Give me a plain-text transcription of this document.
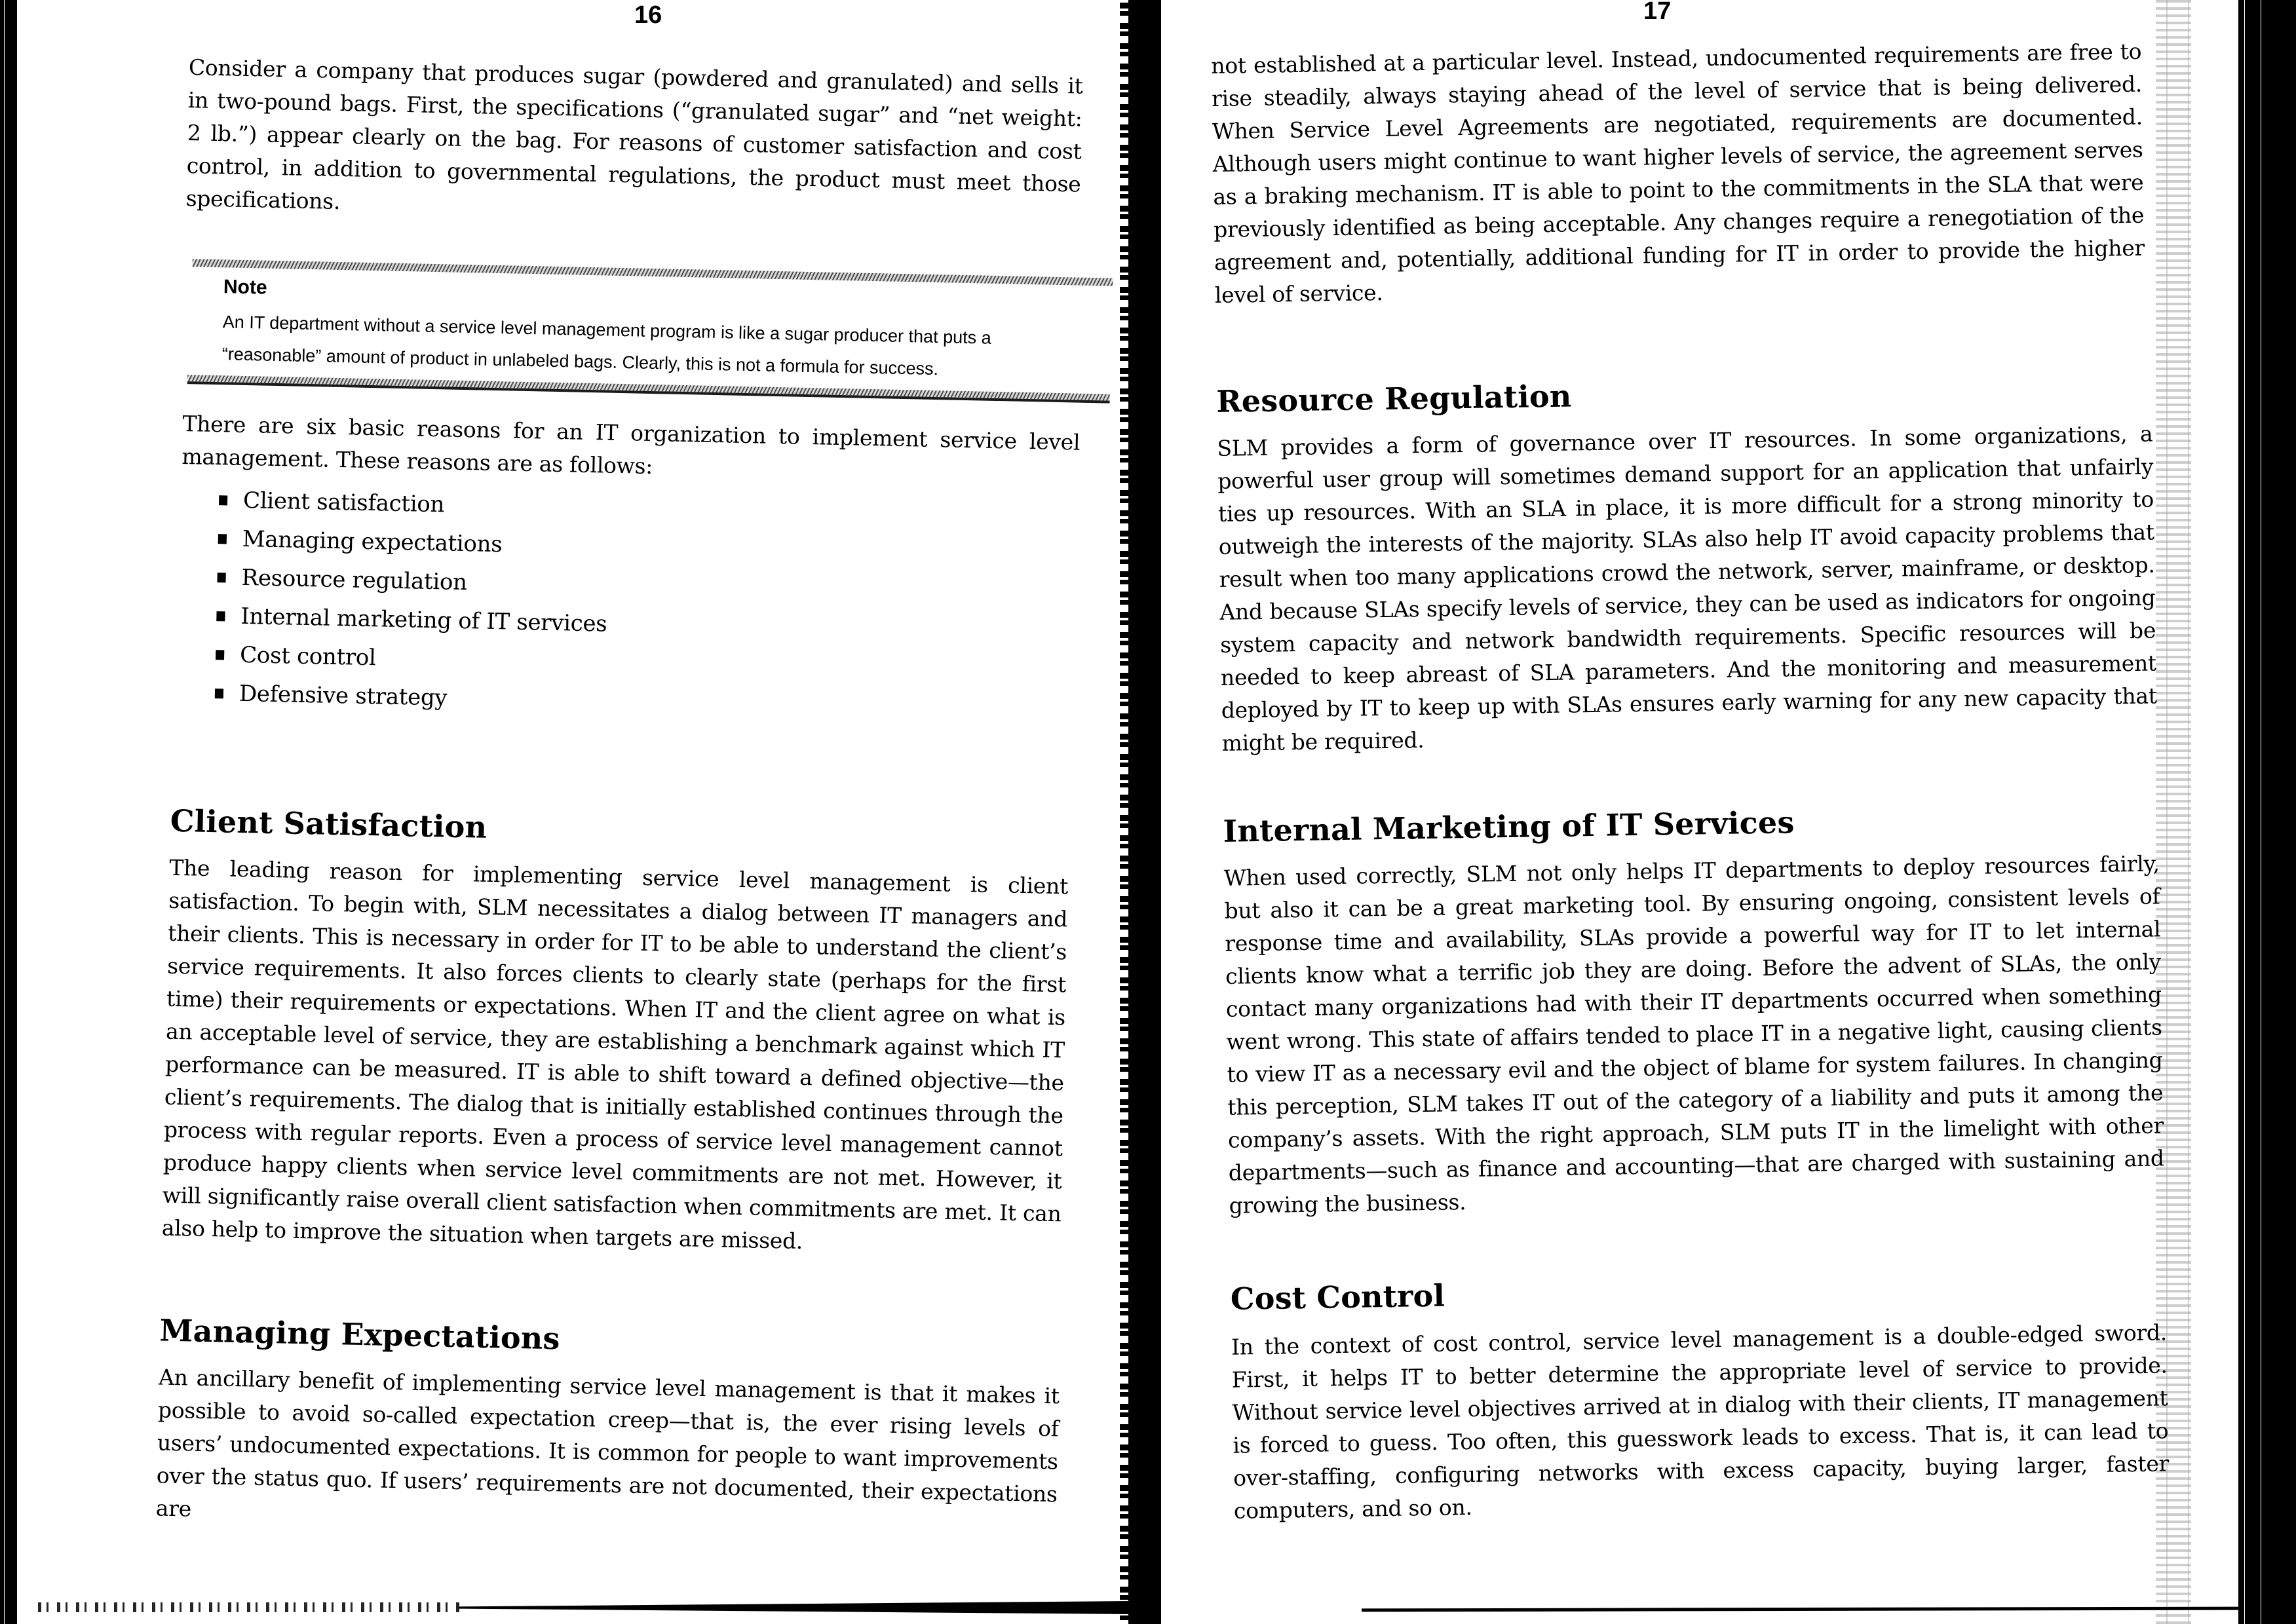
16	17

Consider a company that produces sugar (powdered and granulated) and sells it in two-pound bags. First, the specifications (“granulated sugar” and “net weight: 2 lb.”) appear clearly on the bag. For reasons of customer satisfaction and cost control, in addition to governmental regulations, the product must meet those specifications.

Note

An IT department without a service level management program is like a sugar producer that puts a “reasonable” amount of product in unlabeled bags. Clearly, this is not a formula for success.

There are six basic reasons for an IT organization to implement service level management. These reasons are as follows:

Client satisfaction
Managing expectations
Resource regulation
Internal marketing of IT services
Cost control
Defensive strategy
Client Satisfaction

The leading reason for implementing service level management is client satisfaction. To begin with, SLM necessitates a dialog between IT managers and their clients. This is necessary in order for IT to be able to understand the client’s service requirements. It also forces clients to clearly state (perhaps for the first time) their requirements or expectations. When IT and the client agree on what is an acceptable level of service, they are establishing a benchmark against which IT performance can be measured. IT is able to shift toward a defined objective—the client’s requirements. The dialog that is initially established continues through the process with regular reports. Even a process of service level management cannot produce happy clients when service level commitments are not met. However, it will significantly raise overall client satisfaction when commitments are met. It can also help to improve the situation when targets are missed.

Managing Expectations

An ancillary benefit of implementing service level management is that it makes it possible to avoid so-called expectation creep—that is, the ever rising levels of users’ undocumented expectations. It is common for people to want improvements over the status quo. If users’ requirements are not documented, their expectations are

not established at a particular level. Instead, undocumented requirements are free to rise steadily, always staying ahead of the level of service that is being delivered. When Service Level Agreements are negotiated, requirements are documented. Although users might continue to want higher levels of service, the agreement serves as a braking mechanism. IT is able to point to the commitments in the SLA that were previously identified as being acceptable. Any changes require a renegotiation of the agreement and, potentially, additional funding for IT in order to provide the higher level of service.

Resource Regulation

SLM provides a form of governance over IT resources. In some organizations, a powerful user group will sometimes demand support for an application that unfairly ties up resources. With an SLA in place, it is more difficult for a strong minority to outweigh the interests of the majority. SLAs also help IT avoid capacity problems that result when too many applications crowd the network, server, mainframe, or desktop. And because SLAs specify levels of service, they can be used as indicators for ongoing system capacity and network bandwidth requirements. Specific resources will be needed to keep abreast of SLA parameters. And the monitoring and measurement deployed by IT to keep up with SLAs ensures early warning for any new capacity that might be required.

Internal Marketing of IT Services

When used correctly, SLM not only helps IT departments to deploy resources fairly, but also it can be a great marketing tool. By ensuring ongoing, consistent levels of response time and availability, SLAs provide a powerful way for IT to let internal clients know what a terrific job they are doing. Before the advent of SLAs, the only contact many organizations had with their IT departments occurred when something went wrong. This state of affairs tended to place IT in a negative light, causing clients to view IT as a necessary evil and the object of blame for system failures. In changing this perception, SLM takes IT out of the category of a liability and puts it among the company’s assets. With the right approach, SLM puts IT in the limelight with other departments—such as finance and accounting—that are charged with sustaining and growing the business.

Cost Control

In the context of cost control, service level management is a double-edged sword. First, it helps IT to better determine the appropriate level of service to provide. Without service level objectives arrived at in dialog with their clients, IT management is forced to guess. Too often, this guesswork leads to excess. That is, it can lead to over-staffing, configuring networks with excess capacity, buying larger, faster computers, and so on.
